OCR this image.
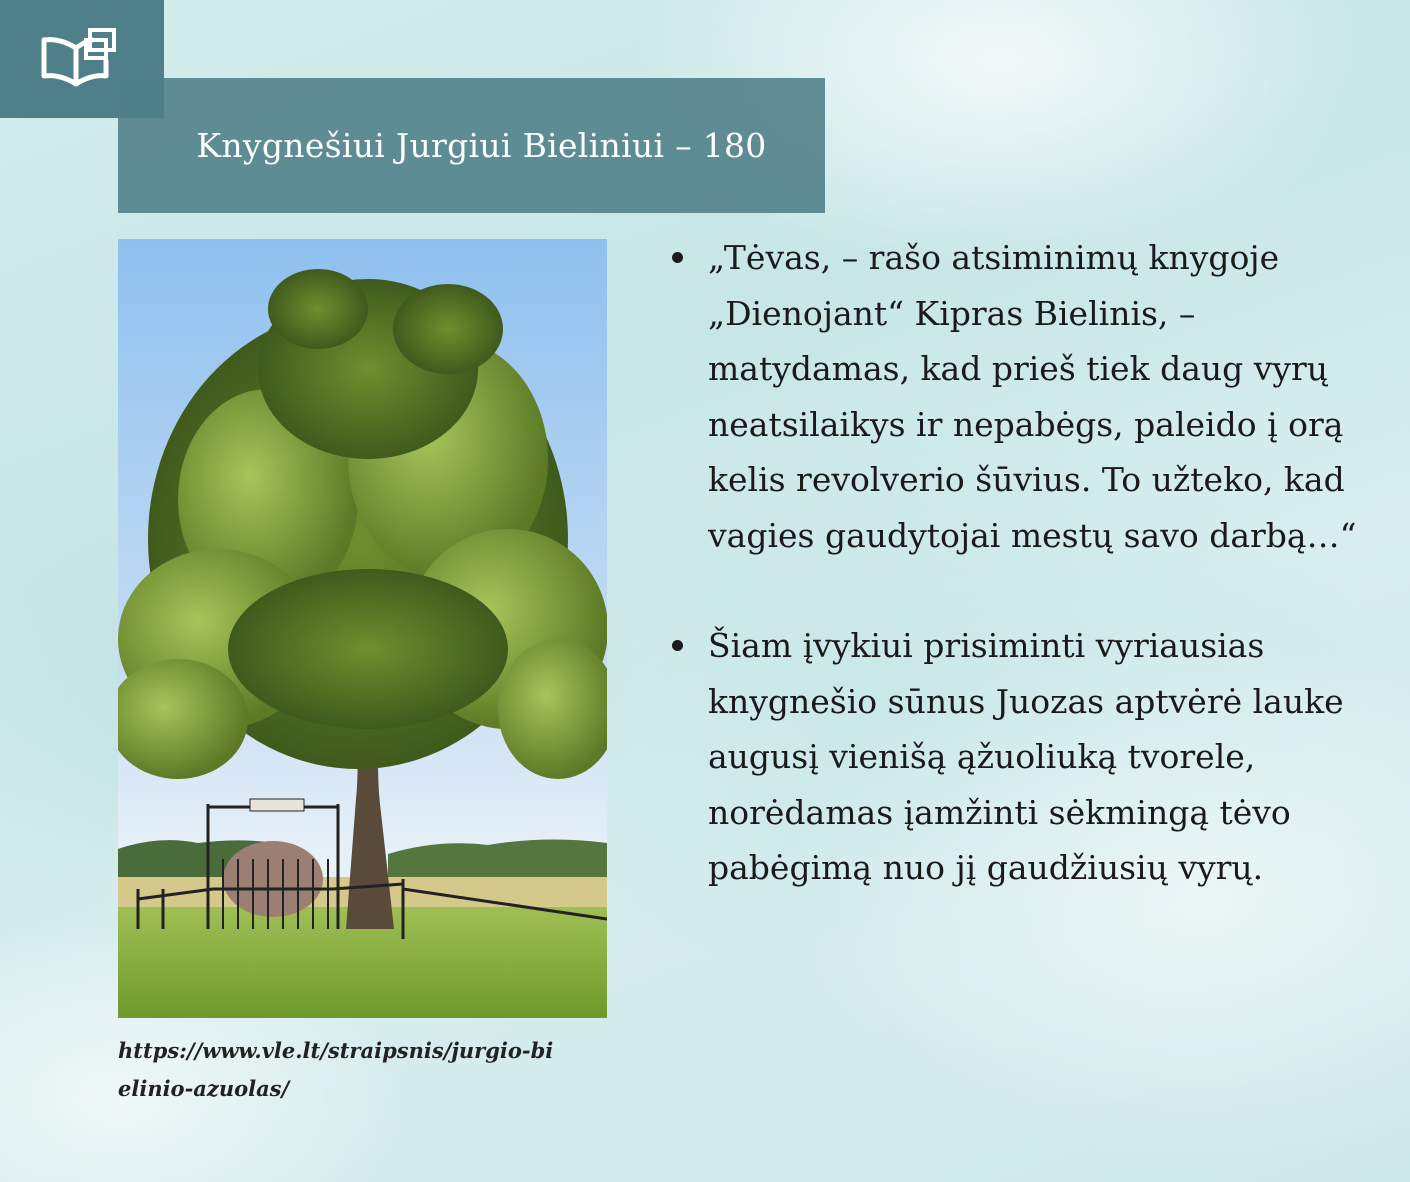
Knygnešiui Jurgiui Bieliniui – 180
https://www.vle.lt/straipsnis/jurgio-bielinio-azuolas/
„Tėvas, – rašo atsiminimų knygoje „Dienojant“ Kipras Bielinis, – matydamas, kad prieš tiek daug vyrų neatsilaikys ir nepabėgs, paleido į orą kelis revolverio šūvius. To užteko, kad vagies gaudytojai mestų savo darbą…“
Šiam įvykiui prisiminti vyriausias knygnešio sūnus Juozas aptvėrė lauke augusį vienišą ąžuoliuką tvorele, norėdamas įamžinti sėkmingą tėvo pabėgimą nuo jį gaudžiusių vyrų.
